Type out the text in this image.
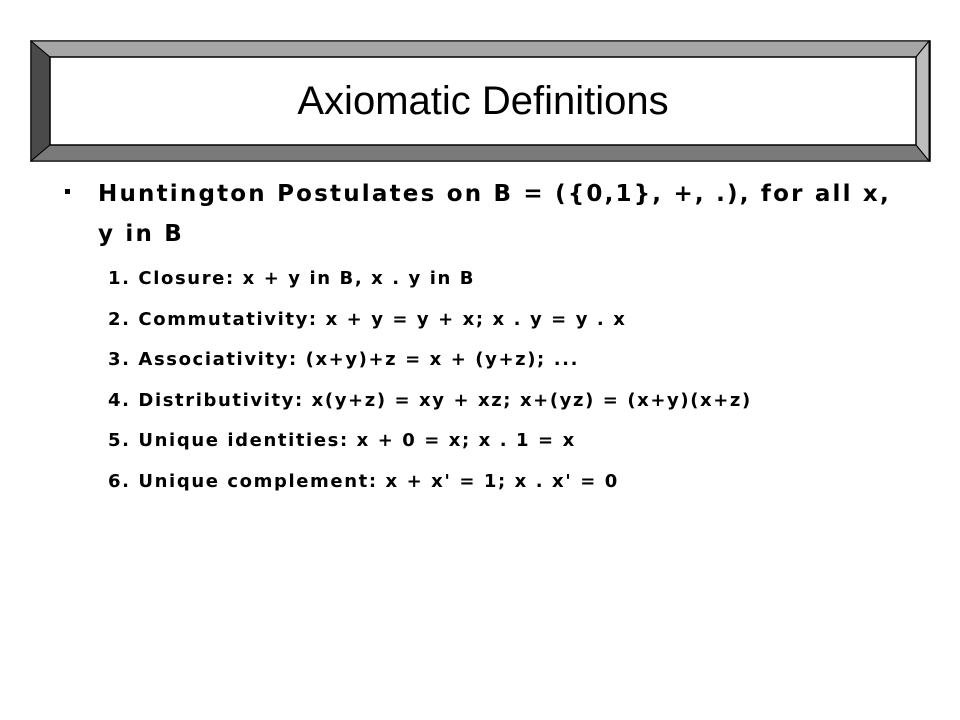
Axiomatic Definitions
Huntington Postulates on B = ({0,1}, +, .), for all x, y in B
1. Closure: x + y in B, x . y in B
2. Commutativity: x + y = y + x; x . y = y . x
3. Associativity: (x+y)+z = x + (y+z); ...
4. Distributivity: x(y+z) = xy + xz; x+(yz) = (x+y)(x+z)
5. Unique identities: x + 0 = x; x . 1 = x
6. Unique complement: x + x' = 1; x . x' = 0
